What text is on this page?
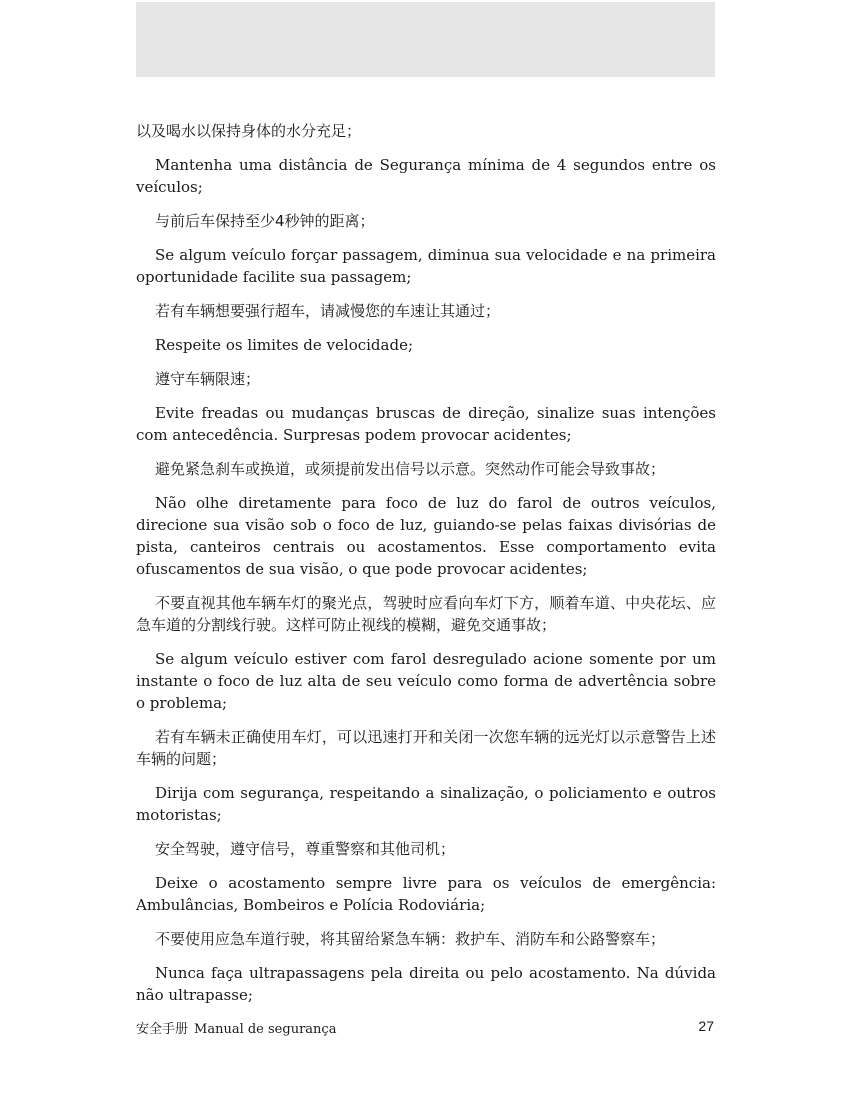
以及喝水以保持身体的水分充足；

Mantenha uma distância de Segurança mínima de 4 segundos entre os veículos;

与前后车保持至少4秒钟的距离；

Se algum veículo forçar passagem, diminua sua velocidade e na primeira oportunidade facilite sua passagem;

若有车辆想要强行超车，请减慢您的车速让其通过；

Respeite os limites de velocidade;

遵守车辆限速；

Evite freadas ou mudanças bruscas de direção, sinalize suas intenções com antecedência. Surpresas podem provocar acidentes;

避免紧急刹车或换道，或须提前发出信号以示意。突然动作可能会导致事故；

Não olhe diretamente para foco de luz do farol de outros veículos, direcione sua visão sob o foco de luz, guiando-se pelas faixas divisórias de pista, canteiros centrais ou acostamentos. Esse comportamento evita ofuscamentos de sua visão, o que pode provocar acidentes;

不要直视其他车辆车灯的聚光点，驾驶时应看向车灯下方，顺着车道、中央花坛、应急车道的分割线行驶。这样可防止视线的模糊，避免交通事故；

Se algum veículo estiver com farol desregulado acione somente por um instante o foco de luz alta de seu veículo como forma de advertência sobre o problema;

若有车辆未正确使用车灯，可以迅速打开和关闭一次您车辆的远光灯以示意警告上述车辆的问题；

Dirija com segurança, respeitando a sinalização, o policiamento e outros motoristas;

安全驾驶，遵守信号，尊重警察和其他司机；

Deixe o acostamento sempre livre para os veículos de emergência: Ambulâncias, Bombeiros e Polícia Rodoviária;

不要使用应急车道行驶，将其留给紧急车辆：救护车、消防车和公路警察车；

Nunca faça ultrapassagens pela direita ou pelo acostamento. Na dúvida não ultrapasse;

安全手册 Manual de segurança	27
